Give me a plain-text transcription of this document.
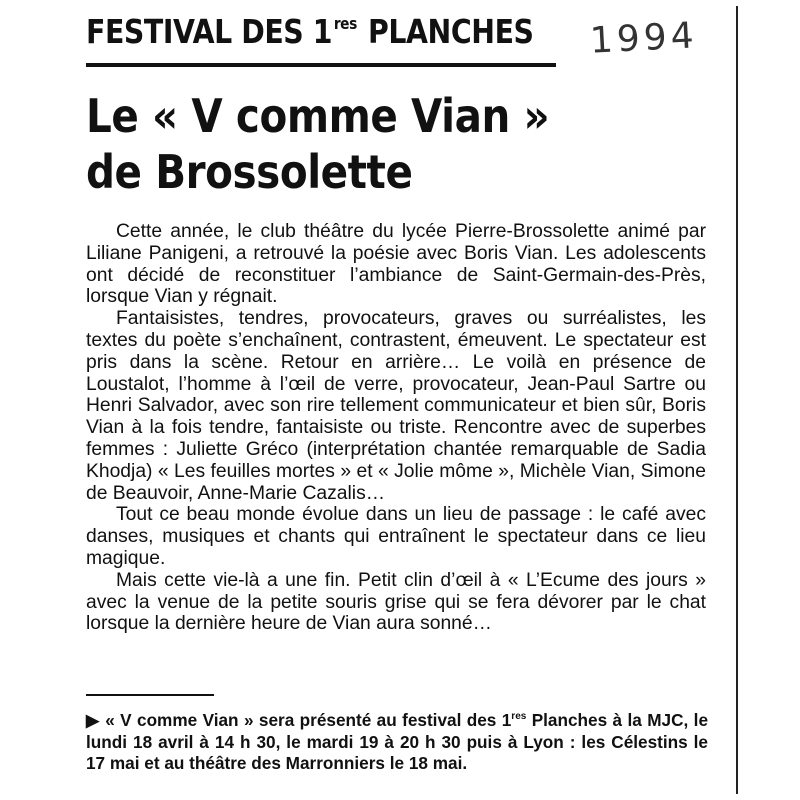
FESTIVAL DES 1 $^{res}$ PLANCHES 1994
Le « V comme Vian »
de Brossolette

Cette année, le club théâtre du lycée Pierre-Brossolette animé par Liliane Panigeni, a retrouvé la poésie avec Boris Vian. Les adolescents ont décidé de reconstituer l’ambiance de Saint-Germain-des-Près, lorsque Vian y régnait.

Fantaisistes, tendres, provocateurs, graves ou surréalistes, les textes du poète s’enchaînent, contrastent, émeuvent. Le spectateur est pris dans la scène. Retour en arrière… Le voilà en présence de Loustalot, l’homme à l’œil de verre, provocateur, Jean-Paul Sartre ou Henri Salvador, avec son rire tellement communicateur et bien sûr, Boris Vian à la fois tendre, fantaisiste ou triste. Rencontre avec de superbes femmes : Juliette Gréco (interprétation chantée remarquable de Sadia Khodja) « Les feuilles mortes » et « Jolie môme », Michèle Vian, Simone de Beauvoir, Anne-Marie Cazalis…

Tout ce beau monde évolue dans un lieu de passage : le café avec danses, musiques et chants qui entraînent le spectateur dans ce lieu magique.

Mais cette vie-là a une fin. Petit clin d’œil à « L’Ecume des jours » avec la venue de la petite souris grise qui se fera dévorer par le chat lorsque la dernière heure de Vian aura sonné…

▶ « V comme Vian » sera présenté au festival des 1res Planches à la MJC, le lundi 18 avril à 14 h 30, le mardi 19 à 20 h 30 puis à Lyon : les Célestins le 17 mai et au théâtre des Marronniers le 18 mai.
